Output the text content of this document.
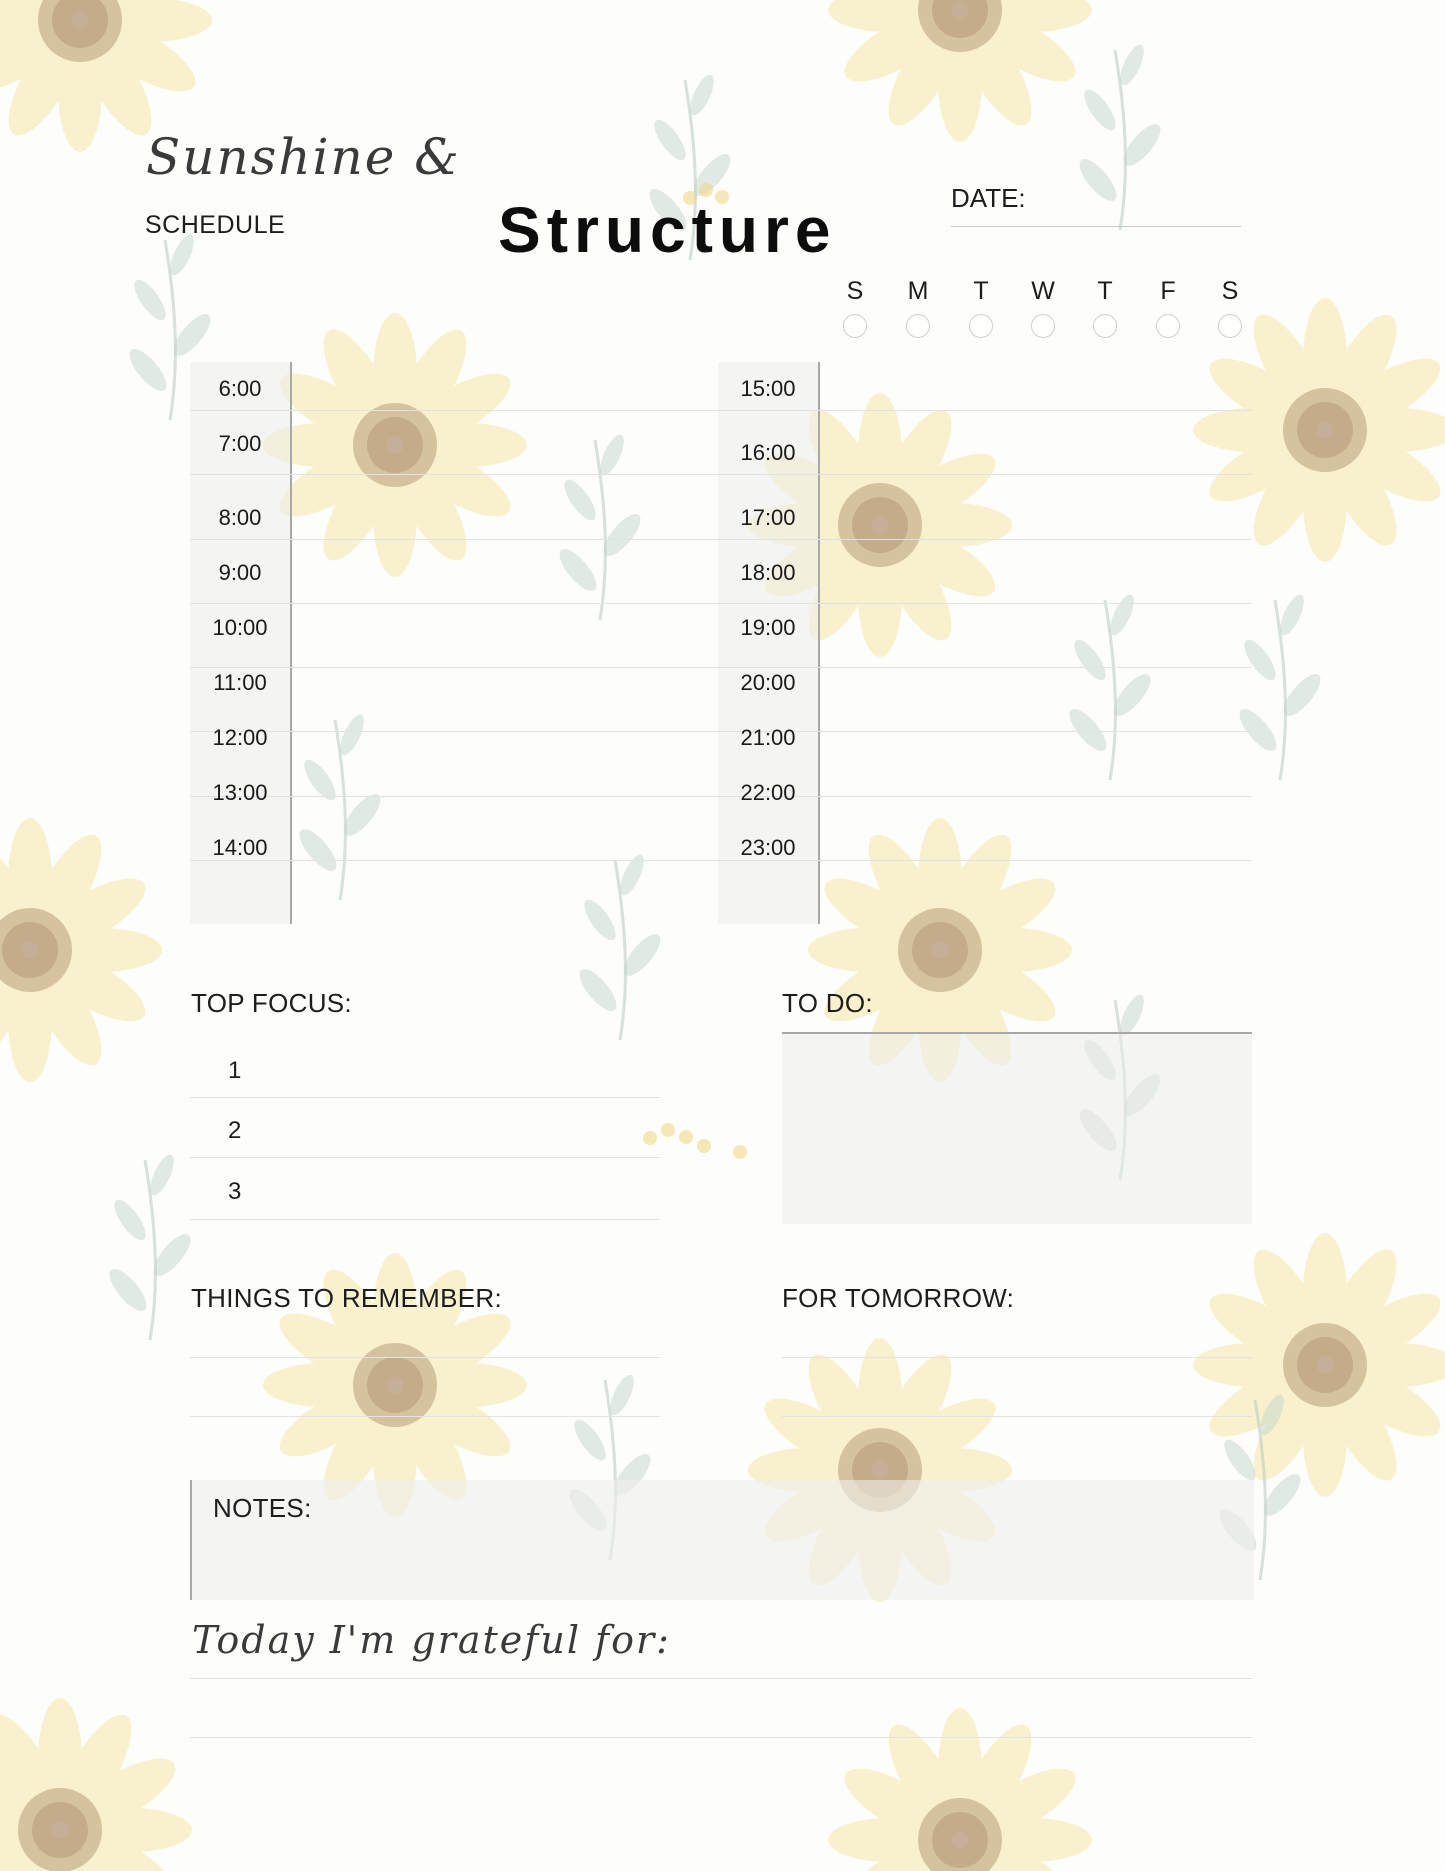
Sunshine &
SCHEDULE	Structure	DATE:
S	M	T	W	T	F	S
6:00
7:00
8:00
9:00
10:00
11:00
12:00
13:00
14:00
15:00
16:00
17:00
18:00
19:00
20:00
21:00
22:00
23:00
TOP FOCUS:
1
2
3
TO DO:
THINGS TO REMEMBER:	FOR TOMORROW:
NOTES:
Today I'm grateful for:
